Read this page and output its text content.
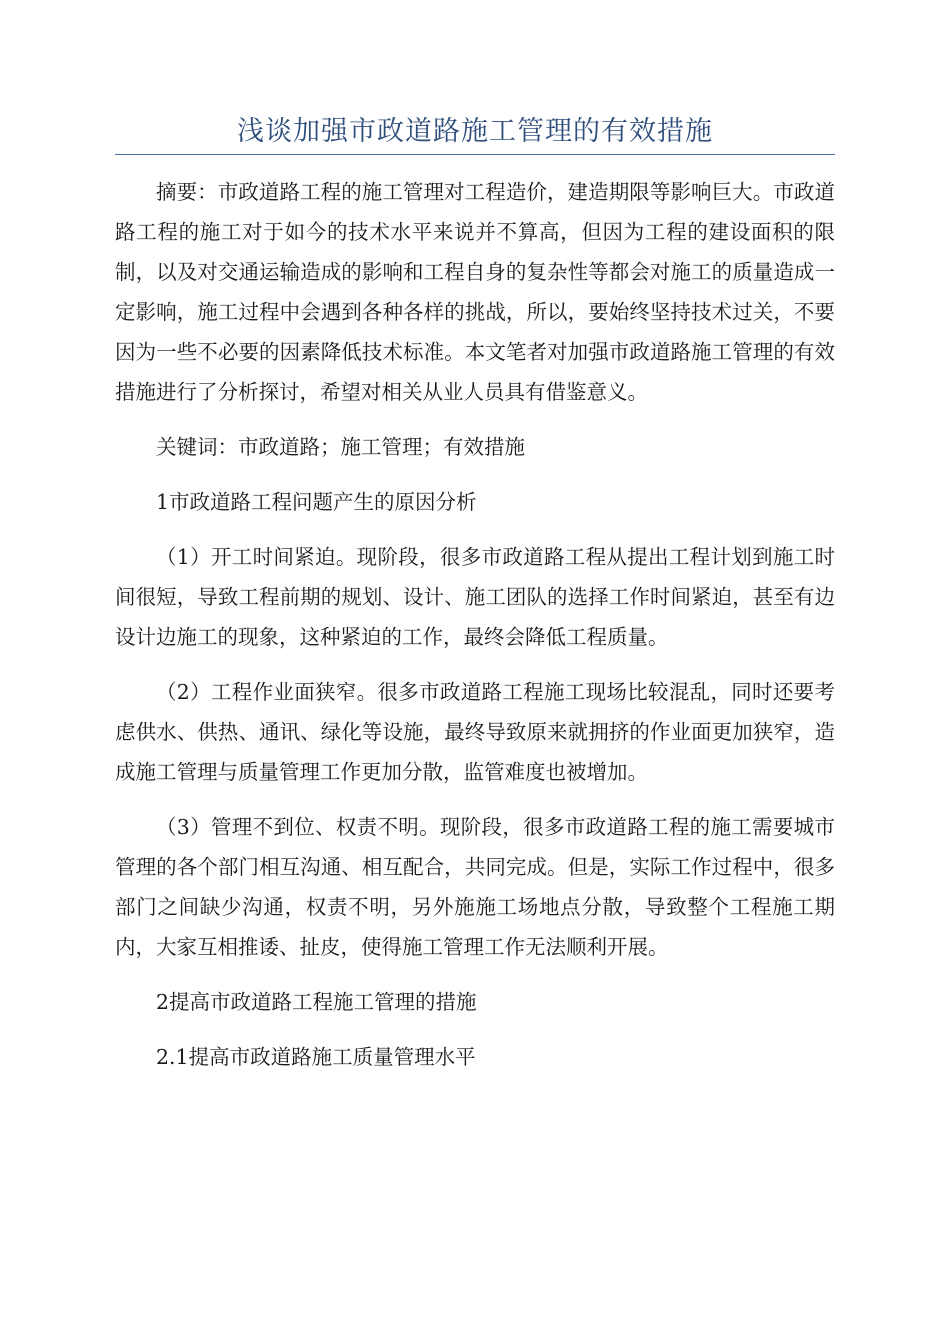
浅谈加强市政道路施工管理的有效措施

摘要：市政道路工程的施工管理对工程造价，建造期限等影响巨大。市政道路工程的施工对于如今的技术水平来说并不算高，但因为工程的建设面积的限制，以及对交通运输造成的影响和工程自身的复杂性等都会对施工的质量造成一定影响，施工过程中会遇到各种各样的挑战，所以，要始终坚持技术过关，不要因为一些不必要的因素降低技术标准。本文笔者对加强市政道路施工管理的有效措施进行了分析探讨，希望对相关从业人员具有借鉴意义。

关键词：市政道路；施工管理；有效措施

1市政道路工程问题产生的原因分析

（1）开工时间紧迫。现阶段，很多市政道路工程从提出工程计划到施工时间很短，导致工程前期的规划、设计、施工团队的选择工作时间紧迫，甚至有边设计边施工的现象，这种紧迫的工作，最终会降低工程质量。

（2）工程作业面狭窄。很多市政道路工程施工现场比较混乱，同时还要考虑供水、供热、通讯、绿化等设施，最终导致原来就拥挤的作业面更加狭窄，造成施工管理与质量管理工作更加分散，监管难度也被增加。

（3）管理不到位、权责不明。现阶段，很多市政道路工程的施工需要城市管理的各个部门相互沟通、相互配合，共同完成。但是，实际工作过程中，很多部门之间缺少沟通，权责不明，另外施施工场地点分散，导致整个工程施工期内，大家互相推诿、扯皮，使得施工管理工作无法顺利开展。

2提高市政道路工程施工管理的措施

2.1提高市政道路施工质量管理水平
